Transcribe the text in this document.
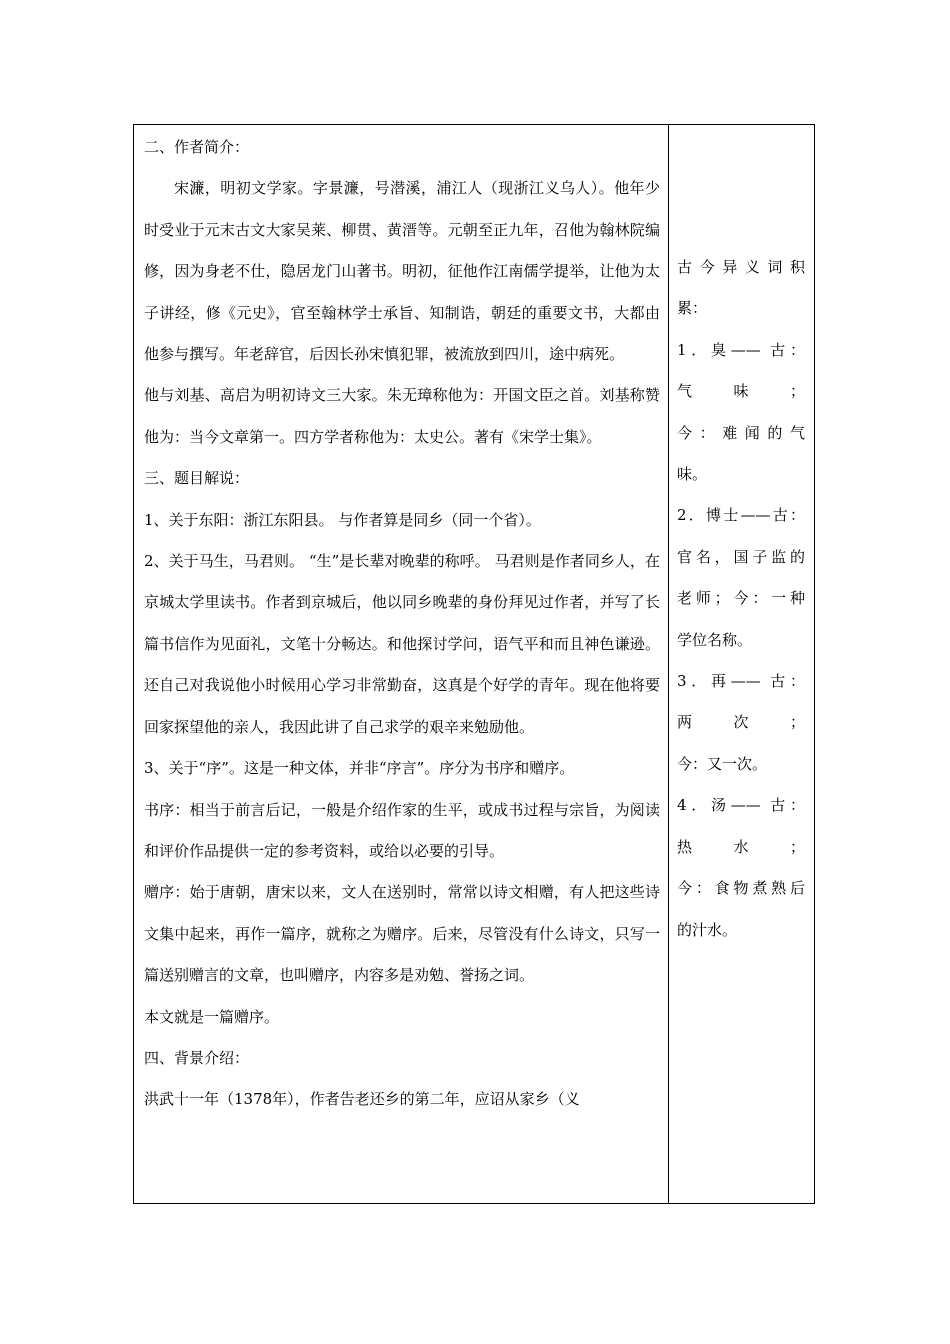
二、作者简介：

宋濂，明初文学家。字景濂，号潜溪，浦江人（现浙江义乌人）。他年少时受业于元末古文大家吴莱、柳贯、黄溍等。元朝至正九年，召他为翰林院编修，因为身老不仕，隐居龙门山著书。明初，征他作江南儒学提举，让他为太子讲经，修《元史》，官至翰林学士承旨、知制诰，朝廷的重要文书，大都由他参与撰写。年老辞官，后因长孙宋慎犯罪，被流放到四川，途中病死。

他与刘基、高启为明初诗文三大家。朱无璋称他为：开国文臣之首。刘基称赞他为：当今文章第一。四方学者称他为：太史公。著有《宋学士集》。

三、题目解说：

1、关于东阳：浙江东阳县。 与作者算是同乡（同一个省）。

2、关于马生，马君则。 “生”是长辈对晚辈的称呼。 马君则是作者同乡人，在京城太学里读书。作者到京城后，他以同乡晚辈的身份拜见过作者，并写了长篇书信作为见面礼，文笔十分畅达。和他探讨学问，语气平和而且神色谦逊。还自己对我说他小时候用心学习非常勤奋，这真是个好学的青年。现在他将要回家探望他的亲人，我因此讲了自己求学的艰辛来勉励他。

3、关于“序”。这是一种文体，并非“序言”。序分为书序和赠序。

书序：相当于前言后记，一般是介绍作家的生平，或成书过程与宗旨，为阅读和评价作品提供一定的参考资料，或给以必要的引导。

赠序：始于唐朝，唐宋以来，文人在送别时，常常以诗文相赠，有人把这些诗文集中起来，再作一篇序，就称之为赠序。后来，尽管没有什么诗文，只写一篇送别赠言的文章，也叫赠序，内容多是劝勉、誉扬之词。

本文就是一篇赠序。

四、背景介绍：

洪武十一年（1378年），作者告老还乡的第二年，应诏从家乡（义

古 今 异 义 词 积

累：

1．臭—— 古：

气 味 ；

今：难闻的气

味。

2．博士——古：

官名，国子监的

老师；今：一种

学位名称。

3．再—— 古：

两 次 ；

今：又一次。

4．汤—— 古：

热 水 ；

今：食物煮熟后

的汁水。
